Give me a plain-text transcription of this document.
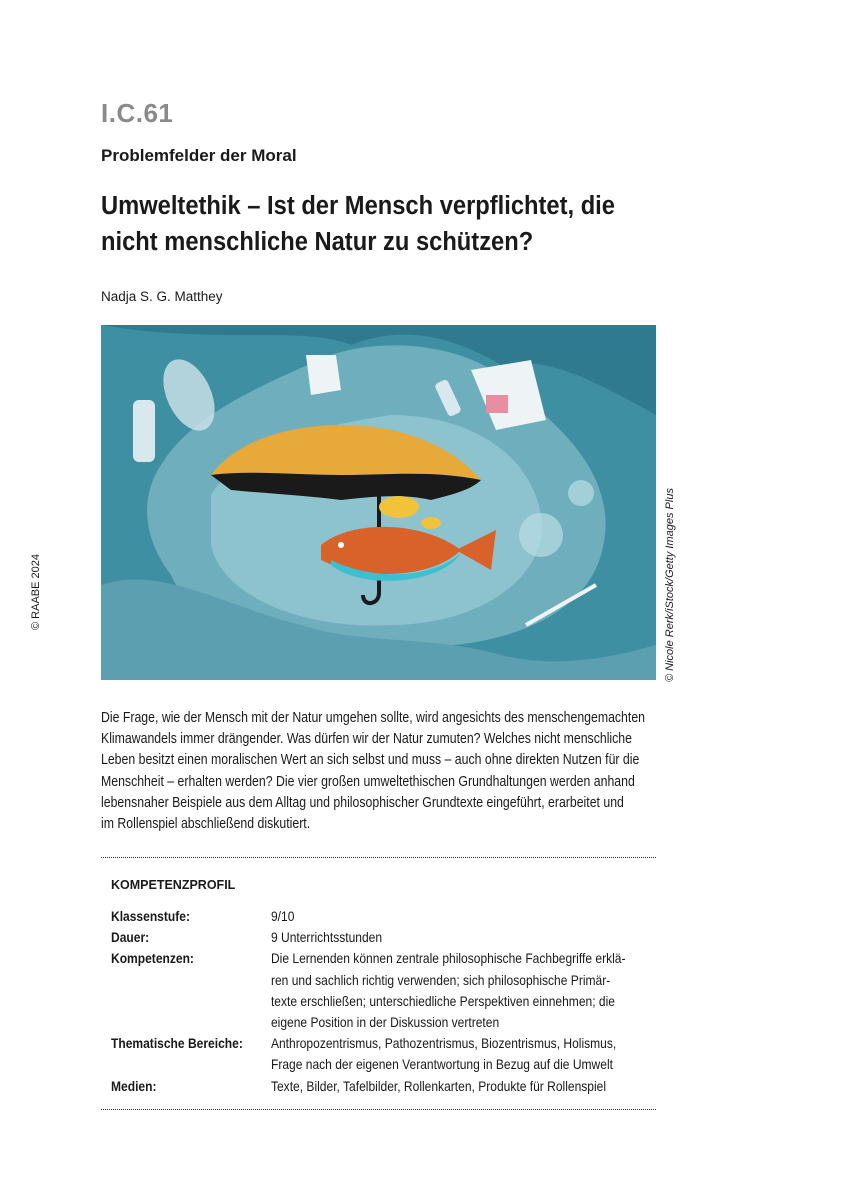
I.C.61
Problemfelder der Moral
Umweltethik – Ist der Mensch verpflichtet, die
nicht menschliche Natur zu schützen?
Nadja S. G. Matthey
© RAABE 2024	© Nicole Rerk/iStock/Getty Images Plus
Die Frage, wie der Mensch mit der Natur umgehen sollte, wird angesichts des menschengemachten
Klimawandels immer drängender. Was dürfen wir der Natur zumuten? Welches nicht menschliche
Leben besitzt einen moralischen Wert an sich selbst und muss – auch ohne direkten Nutzen für die
Menschheit – erhalten werden? Die vier großen umweltethischen Grundhaltungen werden anhand
lebensnaher Beispiele aus dem Alltag und philosophischer Grundtexte eingeführt, erarbeitet und
im Rollenspiel abschließend diskutiert.
KOMPETENZPROFIL
Klassenstufe:	9/10
Dauer:	9 Unterrichtsstunden
Kompetenzen:	Die Lernenden können zentrale philosophische Fachbegriffe erklä-
ren und sachlich richtig verwenden; sich philosophische Primär-
texte erschließen; unterschiedliche Perspektiven einnehmen; die
eigene Position in der Diskussion vertreten
Thematische Bereiche:	Anthropozentrismus, Pathozentrismus, Biozentrismus, Holismus,
Frage nach der eigenen Verantwortung in Bezug auf die Umwelt
Medien:	Texte, Bilder, Tafelbilder, Rollenkarten, Produkte für Rollenspiel
